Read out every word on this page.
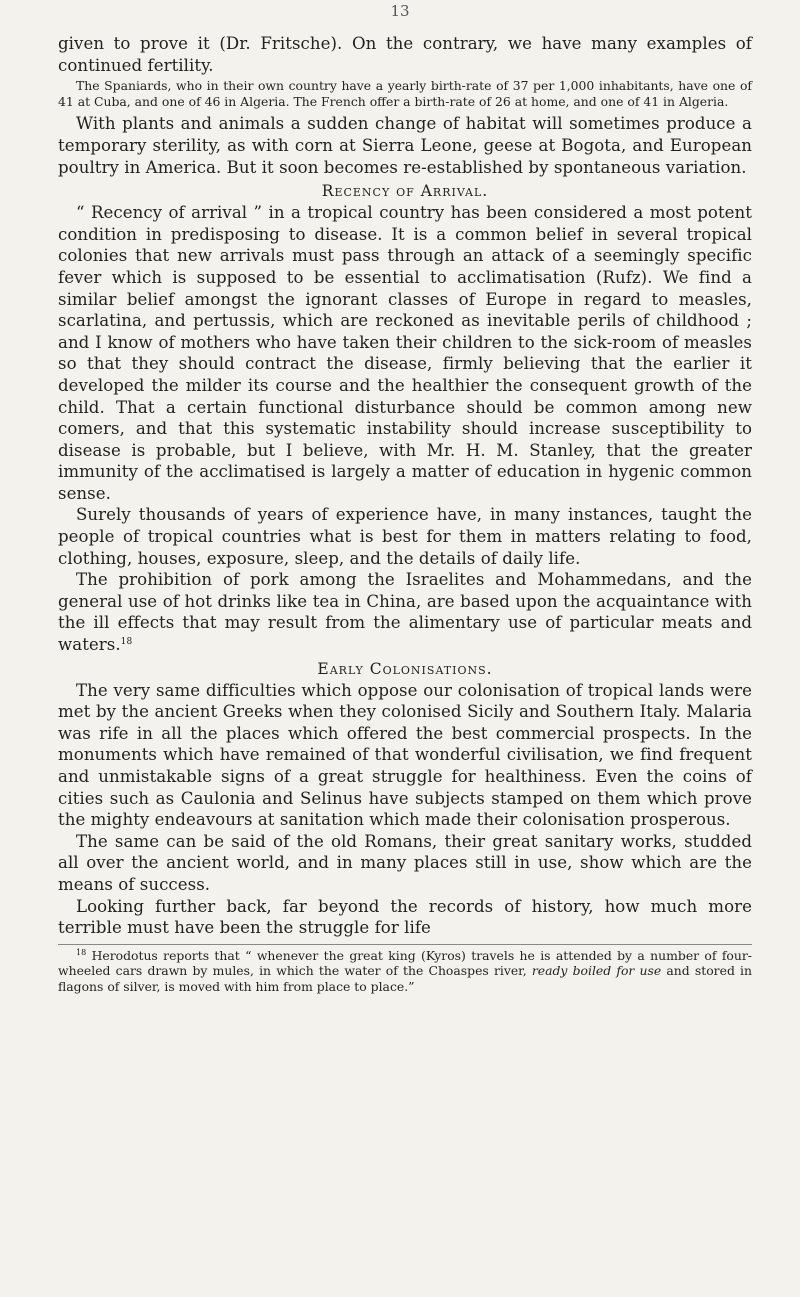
13

given to prove it (Dr. Fritsche). On the contrary, we have many examples of continued fertility.

The Spaniards, who in their own country have a yearly birth-rate of 37 per 1,000 inhabitants, have one of 41 at Cuba, and one of 46 in Algeria. The French offer a birth-rate of 26 at home, and one of 41 in Algeria.

With plants and animals a sudden change of habitat will sometimes produce a temporary sterility, as with corn at Sierra Leone, geese at Bogota, and European poultry in America. But it soon becomes re-established by spontaneous variation.

Recency of Arrival.

“ Recency of arrival ” in a tropical country has been considered a most potent condition in predisposing to disease. It is a common belief in several tropical colonies that new arrivals must pass through an attack of a seemingly specific fever which is supposed to be essential to acclimatisation (Rufz). We find a similar belief amongst the ignorant classes of Europe in regard to measles, scarlatina, and pertussis, which are reckoned as inevitable perils of childhood ; and I know of mothers who have taken their children to the sick-room of measles so that they should contract the disease, firmly believing that the earlier it developed the milder its course and the healthier the consequent growth of the child. That a certain functional disturbance should be common among new comers, and that this systematic instability should increase susceptibility to disease is probable, but I believe, with Mr. H. M. Stanley, that the greater immunity of the acclimatised is largely a matter of education in hygenic common sense.

Surely thousands of years of experience have, in many instances, taught the people of tropical countries what is best for them in matters relating to food, clothing, houses, exposure, sleep, and the details of daily life.

The prohibition of pork among the Israelites and Mohammedans, and the general use of hot drinks like tea in China, are based upon the acquaintance with the ill effects that may result from the alimentary use of particular meats and waters.$^{18}$

Early Colonisations.

The very same difficulties which oppose our colonisation of tropical lands were met by the ancient Greeks when they colonised Sicily and Southern Italy. Malaria was rife in all the places which offered the best commercial prospects. In the monuments which have remained of that wonderful civilisation, we find frequent and unmistakable signs of a great struggle for healthiness. Even the coins of cities such as Caulonia and Selinus have subjects stamped on them which prove the mighty endeavours at sanitation which made their colonisation prosperous.

The same can be said of the old Romans, their great sanitary works, studded all over the ancient world, and in many places still in use, show which are the means of success.

Looking further back, far beyond the records of history, how much more terrible must have been the struggle for life

$^{18}$ Herodotus reports that “ whenever the great king (Kyros) travels he is attended by a number of four-wheeled cars drawn by mules, in which the water of the Choaspes river, ready boiled for use and stored in flagons of silver, is moved with him from place to place.”
